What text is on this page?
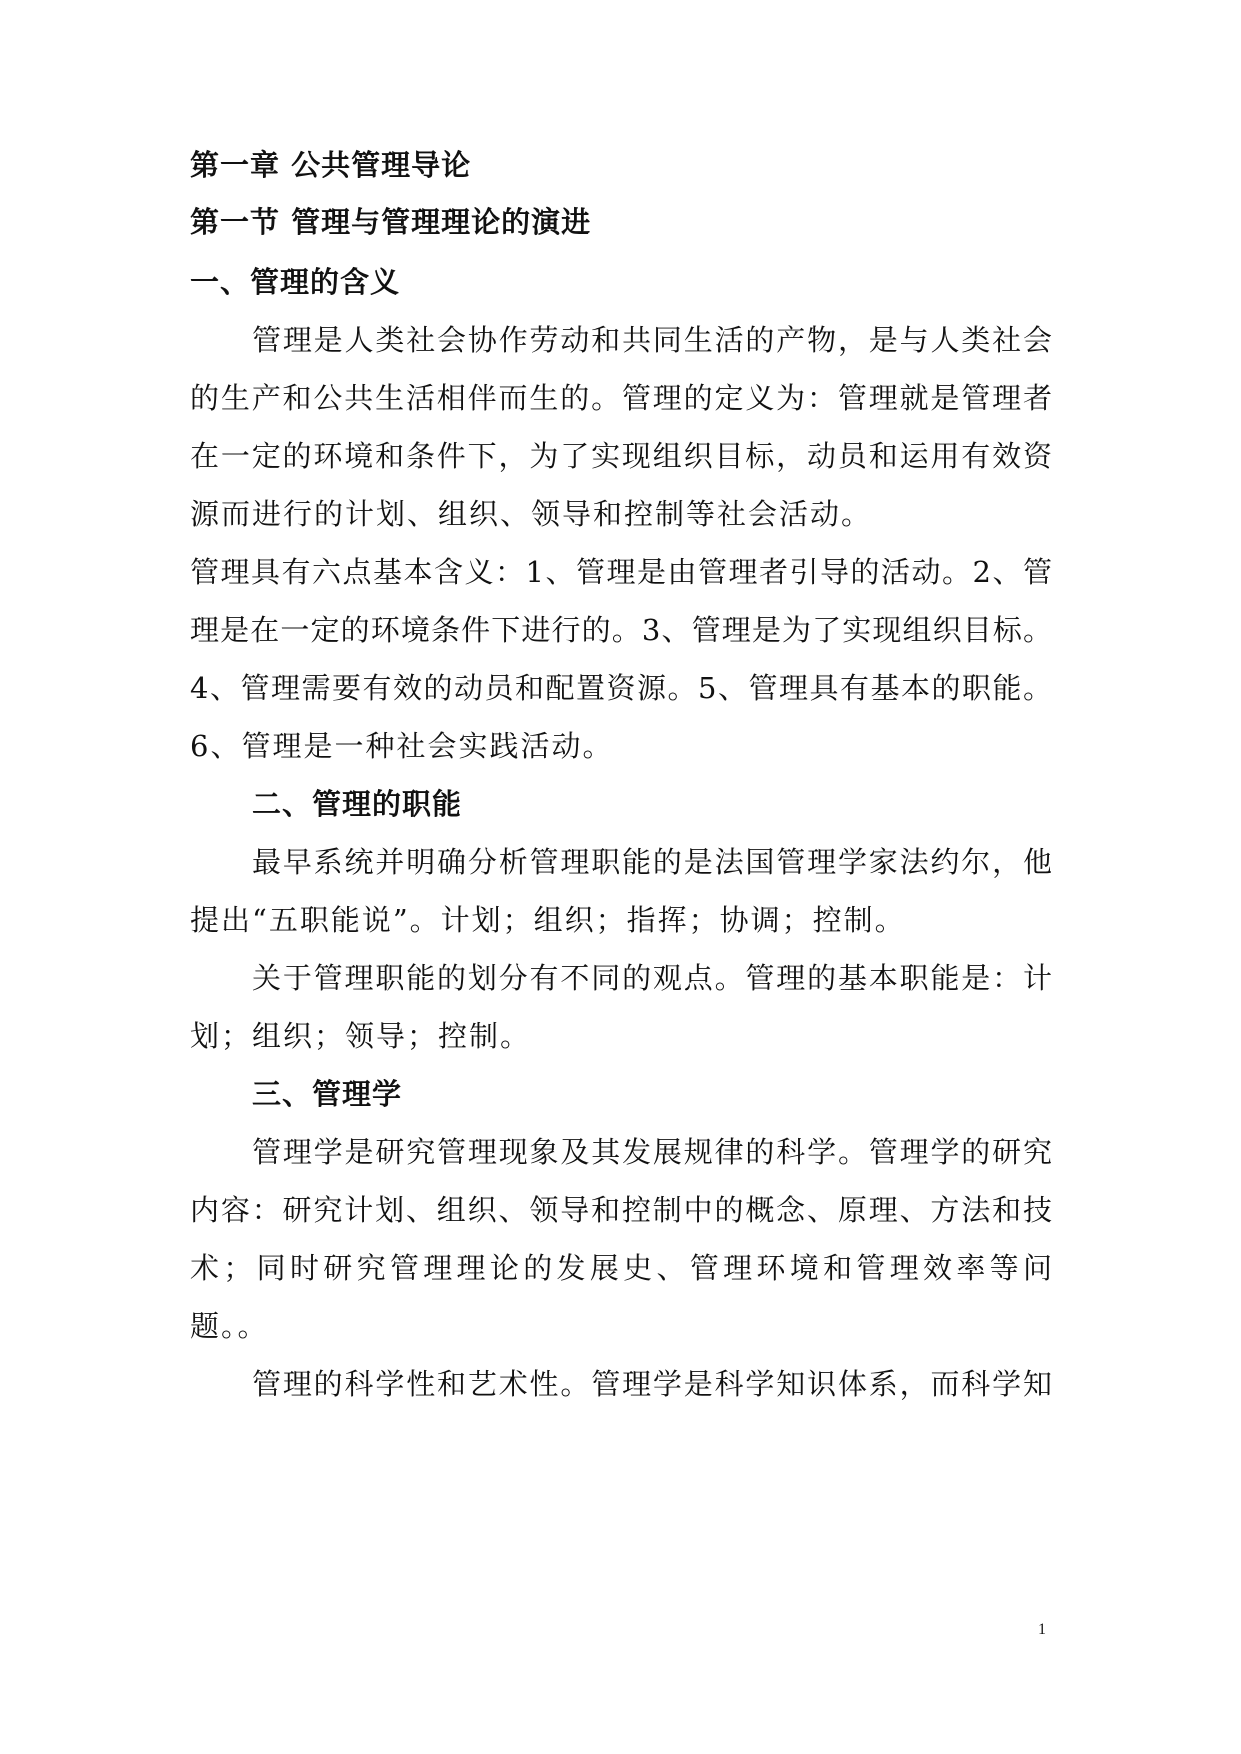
第一章 公共管理导论
第一节 管理与管理理论的演进
一、管理的含义
管理是人类社会协作劳动和共同生活的产物，是与人类社会
的生产和公共生活相伴而生的。管理的定义为：管理就是管理者
在一定的环境和条件下，为了实现组织目标，动员和运用有效资
源而进行的计划、组织、领导和控制等社会活动。
管理具有六点基本含义：1、管理是由管理者引导的活动。2、管
理是在一定的环境条件下进行的。3、管理是为了实现组织目标。
4、管理需要有效的动员和配置资源。5、管理具有基本的职能。
6、管理是一种社会实践活动。
二、管理的职能
最早系统并明确分析管理职能的是法国管理学家法约尔，他
提出“五职能说”。计划；组织；指挥；协调；控制。
关于管理职能的划分有不同的观点。管理的基本职能是：计
划；组织；领导；控制。
三、管理学
管理学是研究管理现象及其发展规律的科学。管理学的研究
内容：研究计划、组织、领导和控制中的概念、原理、方法和技
术；同时研究管理理论的发展史、管理环境和管理效率等问
题。。
管理的科学性和艺术性。管理学是科学知识体系，而科学知
1
